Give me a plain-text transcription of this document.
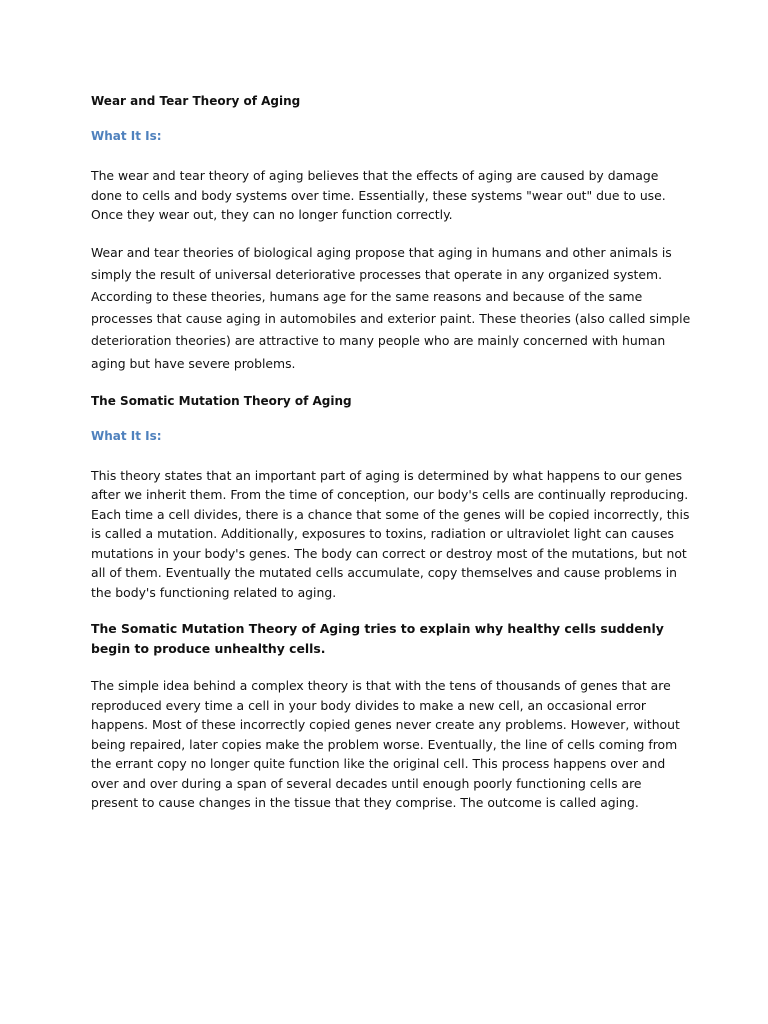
Wear and Tear Theory of Aging

What It Is:

The wear and tear theory of aging believes that the effects of aging are caused by damage done to cells and body systems over time. Essentially, these systems "wear out" due to use. Once they wear out, they can no longer function correctly.

Wear and tear theories of biological aging propose that aging in humans and other animals is simply the result of universal deteriorative processes that operate in any organized system. According to these theories, humans age for the same reasons and because of the same processes that cause aging in automobiles and exterior paint. These theories (also called simple deterioration theories) are attractive to many people who are mainly concerned with human aging but have severe problems.

The Somatic Mutation Theory of Aging

What It Is:

This theory states that an important part of aging is determined by what happens to our genes after we inherit them. From the time of conception, our body's cells are continually reproducing. Each time a cell divides, there is a chance that some of the genes will be copied incorrectly, this is called a mutation. Additionally, exposures to toxins, radiation or ultraviolet light can causes mutations in your body's genes. The body can correct or destroy most of the mutations, but not all of them. Eventually the mutated cells accumulate, copy themselves and cause problems in the body's functioning related to aging.

The Somatic Mutation Theory of Aging tries to explain why healthy cells suddenly begin to produce unhealthy cells.

The simple idea behind a complex theory is that with the tens of thousands of genes that are reproduced every time a cell in your body divides to make a new cell, an occasional error happens. Most of these incorrectly copied genes never create any problems. However, without being repaired, later copies make the problem worse. Eventually, the line of cells coming from the errant copy no longer quite function like the original cell. This process happens over and over and over during a span of several decades until enough poorly functioning cells are present to cause changes in the tissue that they comprise. The outcome is called aging.
